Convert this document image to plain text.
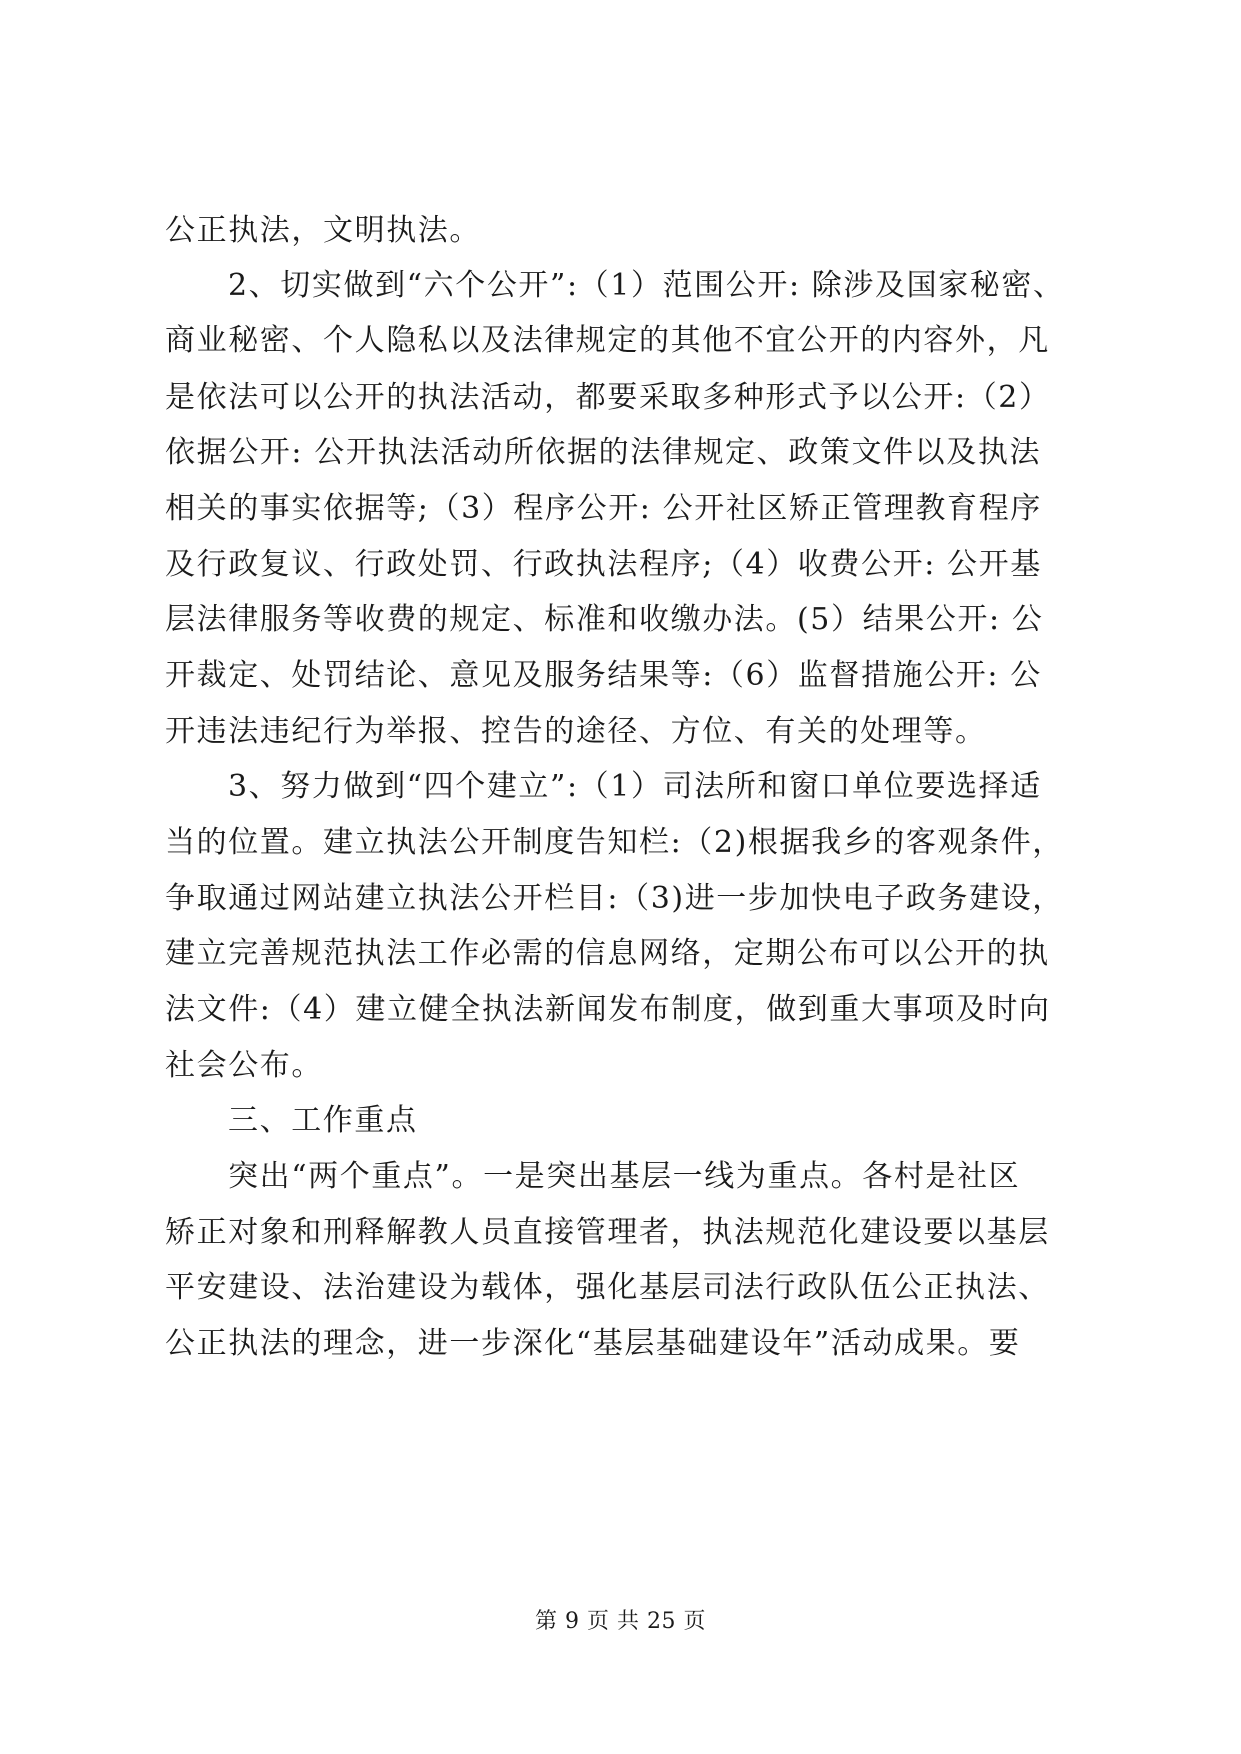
公正执法，文明执法。
2、切实做到“六个公开”:（1）范围公开: 除涉及国家秘密、
商业秘密、个人隐私以及法律规定的其他不宜公开的内容外，凡
是依法可以公开的执法活动，都要采取多种形式予以公开:（2）
依据公开: 公开执法活动所依据的法律规定、政策文件以及执法
相关的事实依据等;（3）程序公开: 公开社区矫正管理教育程序
及行政复议、行政处罚、行政执法程序;（4）收费公开: 公开基
层法律服务等收费的规定、标准和收缴办法。(5）结果公开: 公
开裁定、处罚结论、意见及服务结果等:（6）监督措施公开: 公
开违法违纪行为举报、控告的途径、方位、有关的处理等。
3、努力做到“四个建立”:（1）司法所和窗口单位要选择适
当的位置。建立执法公开制度告知栏:（2)根据我乡的客观条件，
争取通过网站建立执法公开栏目:（3)进一步加快电子政务建设，
建立完善规范执法工作必需的信息网络，定期公布可以公开的执
法文件:（4）建立健全执法新闻发布制度，做到重大事项及时向
社会公布。
三、工作重点
突出“两个重点”。一是突出基层一线为重点。各村是社区
矫正对象和刑释解教人员直接管理者，执法规范化建设要以基层
平安建设、法治建设为载体，强化基层司法行政队伍公正执法、
公正执法的理念，进一步深化“基层基础建设年”活动成果。要
第 9 页 共 25 页
